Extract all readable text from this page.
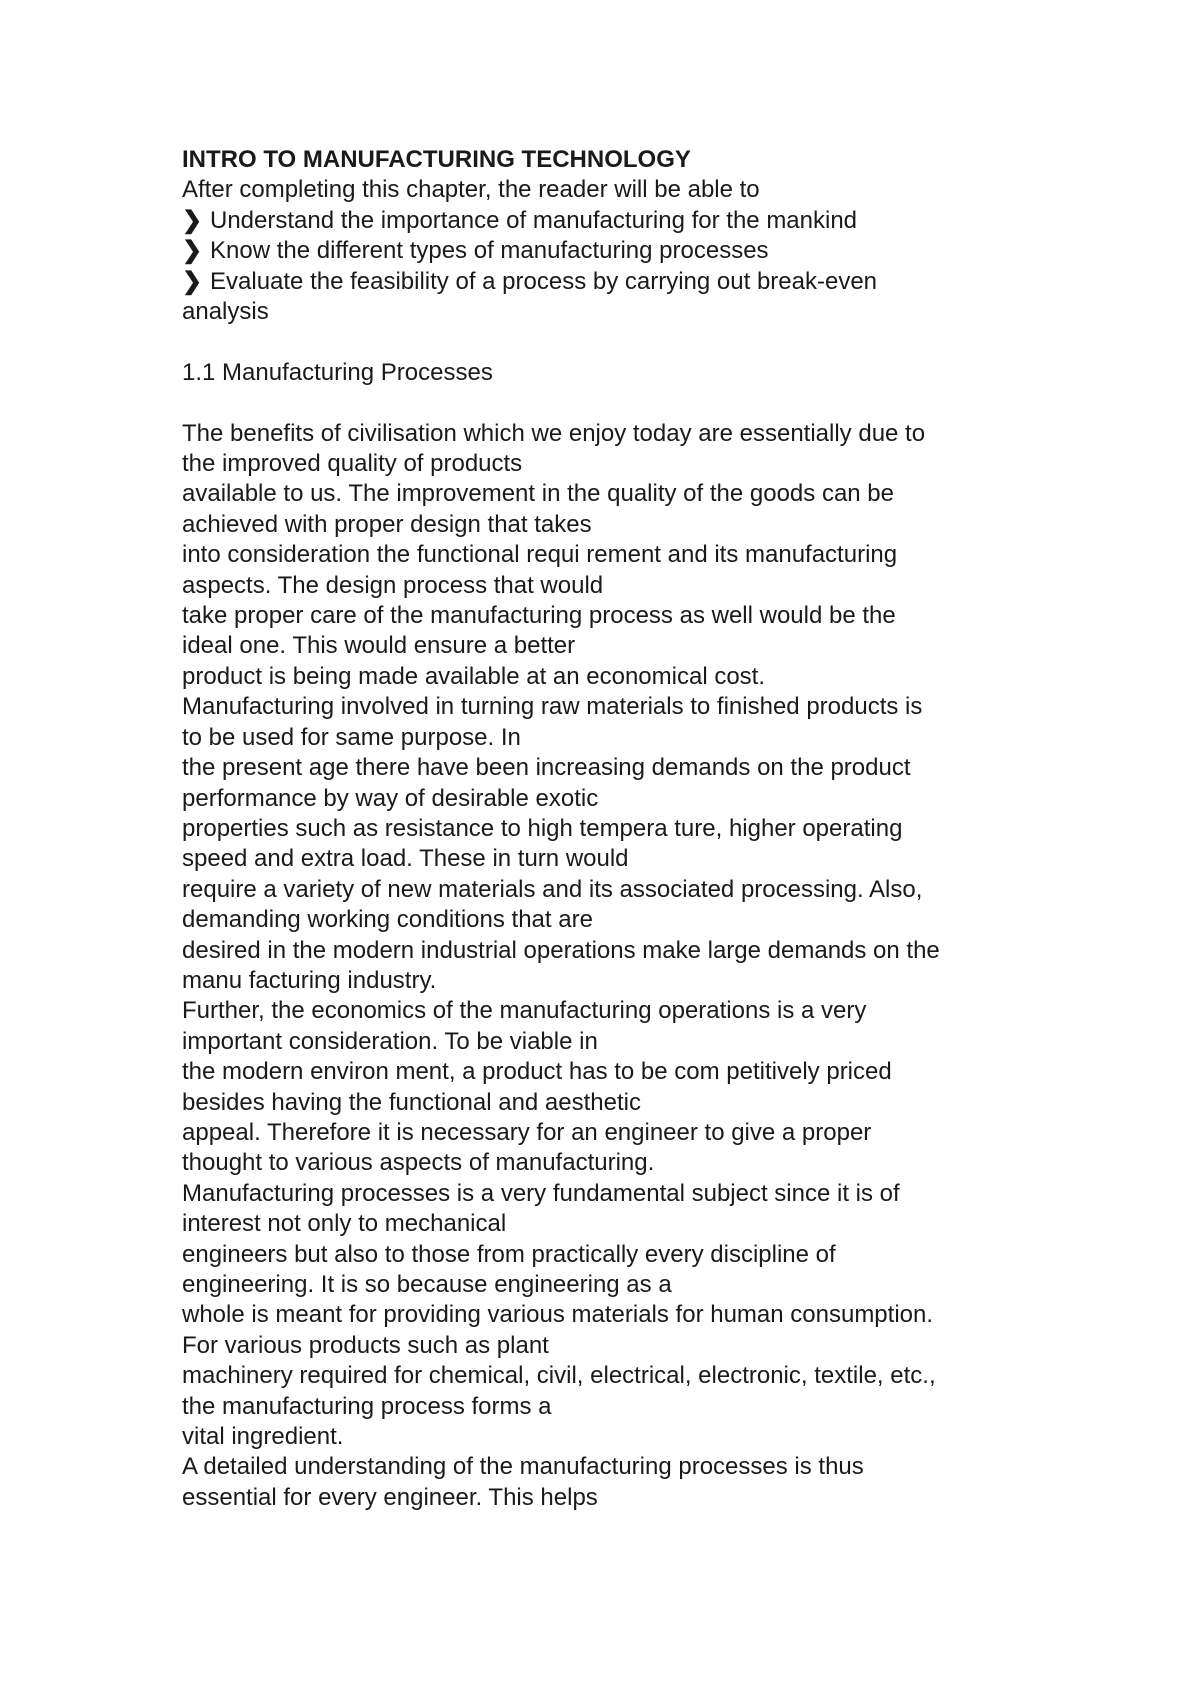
INTRO TO MANUFACTURING TECHNOLOGY
After completing this chapter, the reader will be able to
❯ Understand the importance of manufacturing for the mankind
❯ Know the different types of manufacturing processes
❯ Evaluate the feasibility of a process by carrying out break-even
analysis
1.1 Manufacturing Processes
The benefits of civilisation which we enjoy today are essentially due to
the improved quality of products
available to us. The improvement in the quality of the goods can be
achieved with proper design that takes
into consideration the functional requi rement and its manufacturing
aspects. The design process that would
take proper care of the manufacturing process as well would be the
ideal one. This would ensure a better
product is being made available at an economical cost.
Manufacturing involved in turning raw materials to finished products is
to be used for same purpose. In
the present age there have been increasing demands on the product
performance by way of desirable exotic
properties such as resistance to high tempera ture, higher operating
speed and extra load. These in turn would
require a variety of new materials and its associated processing. Also,
demanding working conditions that are
desired in the modern industrial operations make large demands on the
manu facturing industry.
Further, the economics of the manufacturing operations is a very
important consideration. To be viable in
the modern environ ment, a product has to be com petitively priced
besides having the functional and aesthetic
appeal. Therefore it is necessary for an engineer to give a proper
thought to various aspects of manufacturing.
Manufacturing processes is a very fundamental subject since it is of
interest not only to mechanical
engineers but also to those from practically every discipline of
engineering. It is so because engineering as a
whole is meant for providing various materials for human consumption.
For various products such as plant
machinery required for chemical, civil, electrical, electronic, textile, etc.,
the manufacturing process forms a
vital ingredient.
A detailed understanding of the manufacturing processes is thus
essential for every engineer. This helps
